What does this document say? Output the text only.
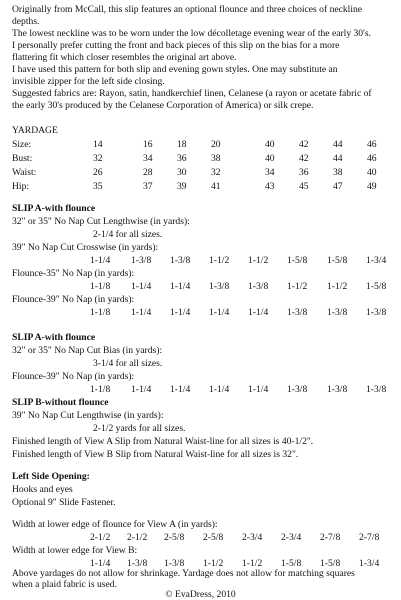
Originally from McCall, this slip features an optional flounce and three choices of neckline
depths.
The lowest neckline was to be worn under the low décolletage evening wear of the early 30's.
I personally prefer cutting the front and back pieces of this slip on the bias for a more
flattering fit which closer resembles the original art above.
I have used this pattern for both slip and evening gown styles. One may substitute an
invisible zipper for the left side closing.
Suggested fabrics are: Rayon, satin, handkerchief linen, Celanese (a rayon or acetate fabric of
the early 30's produced by the Celanese Corporation of America) or silk crepe.
YARDAGE
Size:	14	16	18	20	40	42	44	46
Bust:	32	34	36	38	40	42	44	46
Waist:	26	28	30	32	34	36	38	40
Hip:	35	37	39	41	43	45	47	49
SLIP A-with flounce
32" or 35" No Nap Cut Lengthwise (in yards):
2-1/4 for all sizes.
39" No Nap Cut Crosswise (in yards):
1-1/4 1-3/8 1-3/8 1-1/2 1-1/2 1-5/8 1-5/8 1-3/4
Flounce-35" No Nap (in yards):
1-1/8 1-1/4 1-1/4 1-3/8 1-3/8 1-1/2 1-1/2 1-5/8
Flounce-39" No Nap (in yards):
1-1/8 1-1/4 1-1/4 1-1/4 1-1/4 1-3/8 1-3/8 1-3/8
SLIP A-with flounce
32" or 35" No Nap Cut Bias (in yards):
3-1/4 for all sizes.
Flounce-39" No Nap (in yards):
1-1/8 1-1/4 1-1/4 1-1/4 1-1/4 1-3/8 1-3/8 1-3/8
SLIP B-without flounce
39" No Nap Cut Lengthwise (in yards):
2-1/2 yards for all sizes.
Finished length of View A Slip from Natural Waist-line for all sizes is 40-1/2".
Finished length of View B Slip from Natural Waist-line for all sizes is 32".
Left Side Opening:
Hooks and eyes
Optional 9" Slide Fastener.
Width at lower edge of flounce for View A (in yards):
2-1/2 2-1/2 2-5/8 2-5/8 2-3/4 2-3/4 2-7/8 2-7/8
Width at lower edge for View B:
1-1/4 1-3/8 1-3/8 1-1/2 1-1/2 1-5/8 1-5/8 1-3/4
Above yardages do not allow for shrinkage. Yardage does not allow for matching squares
when a plaid fabric is used.
© EvaDress, 2010
